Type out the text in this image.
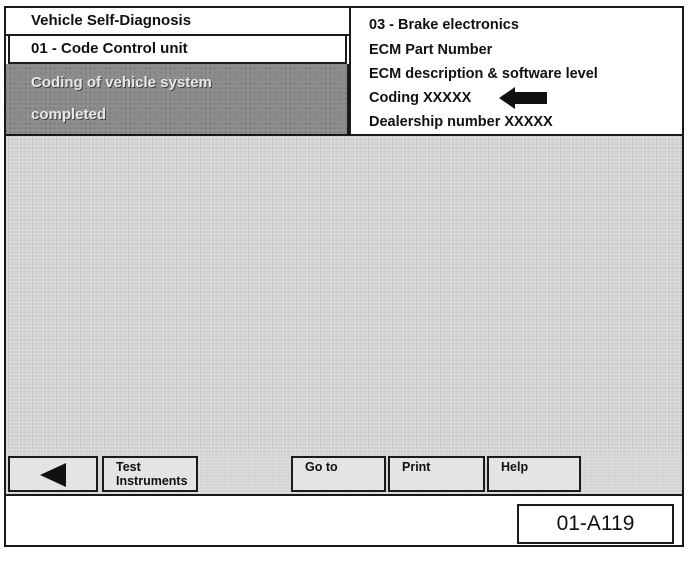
Vehicle Self-Diagnosis
01 - Code Control unit
Coding of vehicle system
completed
03 - Brake electronics
ECM Part Number
ECM description & software level
Coding XXXXX
Dealership number XXXXX
Test
Instruments
Go to	Print	Help
01-A119
